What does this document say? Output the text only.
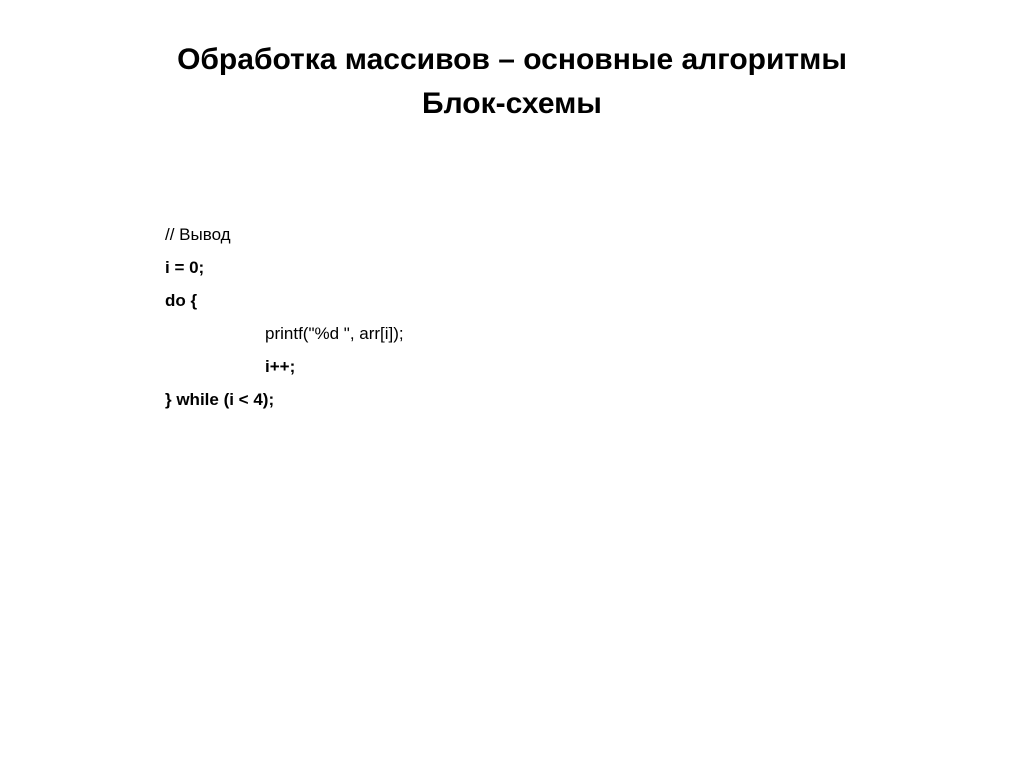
Обработка массивов – основные алгоритмы
Блок-схемы
// Вывод
i = 0;
do {
printf("%d ", arr[i]);
i++;
} while (i < 4);
